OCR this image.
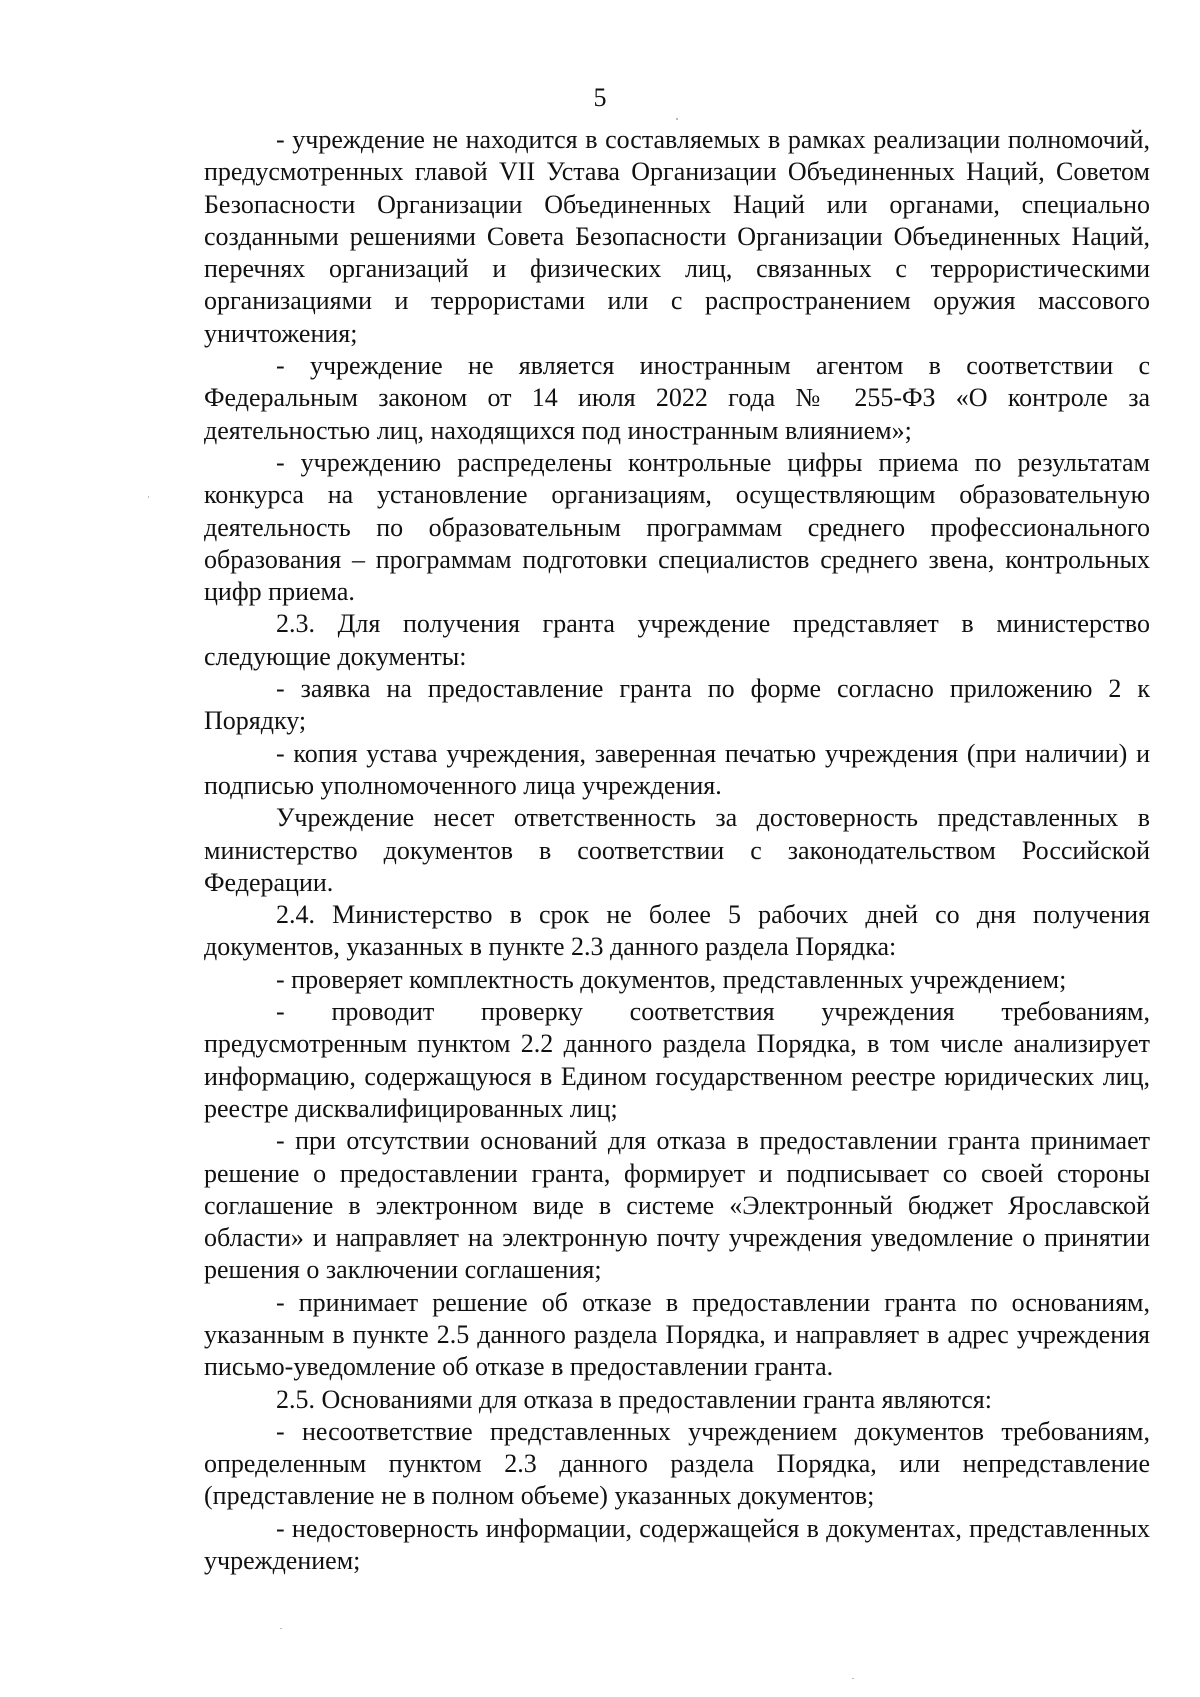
5

- учреждение не находится в составляемых в рамках реализации полномочий, предусмотренных главой VII Устава Организации Объединенных Наций, Советом Безопасности Организации Объединенных Наций или органами, специально созданными решениями Совета Безопасности Организации Объединенных Наций, перечнях организаций и физических лиц, связанных с террористическими организациями и террористами или с распространением оружия массового уничтожения;

- учреждение не является иностранным агентом в соответствии с Федеральным законом от 14 июля 2022 года № 255-ФЗ «О контроле за деятельностью лиц, находящихся под иностранным влиянием»;

- учреждению распределены контрольные цифры приема по результатам конкурса на установление организациям, осуществляющим образовательную деятельность по образовательным программам среднего профессионального образования – программам подготовки специалистов среднего звена, контрольных цифр приема.

2.3. Для получения гранта учреждение представляет в министерство следующие документы:

- заявка на предоставление гранта по форме согласно приложению 2 к Порядку;

- копия устава учреждения, заверенная печатью учреждения (при наличии) и подписью уполномоченного лица учреждения.

Учреждение несет ответственность за достоверность представленных в министерство документов в соответствии с законодательством Российской Федерации.

2.4. Министерство в срок не более 5 рабочих дней со дня получения документов, указанных в пункте 2.3 данного раздела Порядка:

- проверяет комплектность документов, представленных учреждением;

- проводит проверку соответствия учреждения требованиям, предусмотренным пунктом 2.2 данного раздела Порядка, в том числе анализирует информацию, содержащуюся в Едином государственном реестре юридических лиц, реестре дисквалифицированных лиц;

- при отсутствии оснований для отказа в предоставлении гранта принимает решение о предоставлении гранта, формирует и подписывает со своей стороны соглашение в электронном виде в системе «Электронный бюджет Ярославской области» и направляет на электронную почту учреждения уведомление о принятии решения о заключении соглашения;

- принимает решение об отказе в предоставлении гранта по основаниям, указанным в пункте 2.5 данного раздела Порядка, и направляет в адрес учреждения письмо-уведомление об отказе в предоставлении гранта.

2.5. Основаниями для отказа в предоставлении гранта являются:

- несоответствие представленных учреждением документов требованиям, определенным пунктом 2.3 данного раздела Порядка, или непредставление (представление не в полном объеме) указанных документов;

- недостоверность информации, содержащейся в документах, представленных учреждением;
